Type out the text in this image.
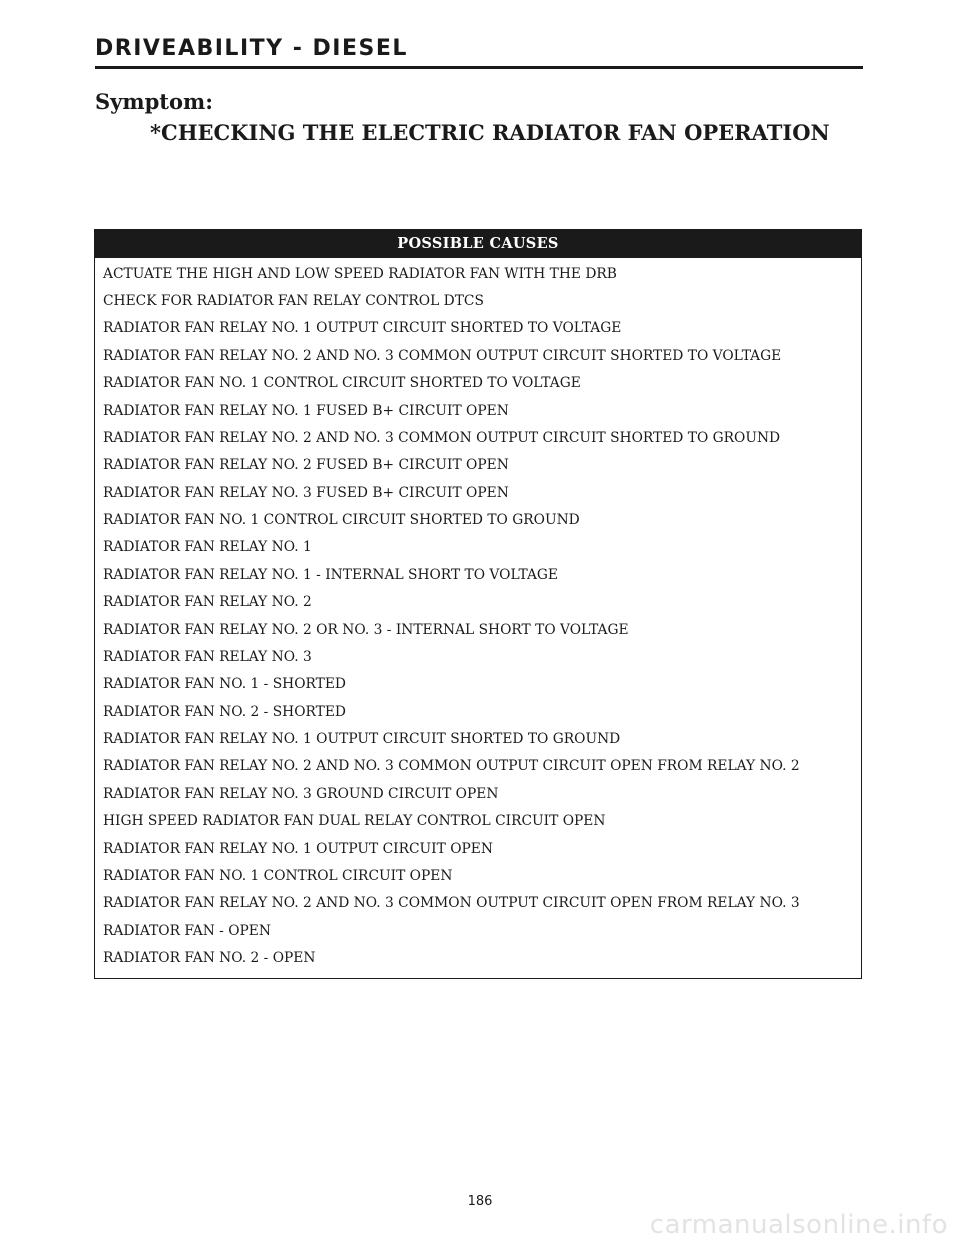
DRIVEABILITY - DIESEL
Symptom:
*CHECKING THE ELECTRIC RADIATOR FAN OPERATION
POSSIBLE CAUSES
ACTUATE THE HIGH AND LOW SPEED RADIATOR FAN WITH THE DRB
CHECK FOR RADIATOR FAN RELAY CONTROL DTCS
RADIATOR FAN RELAY NO. 1 OUTPUT CIRCUIT SHORTED TO VOLTAGE
RADIATOR FAN RELAY NO. 2 AND NO. 3 COMMON OUTPUT CIRCUIT SHORTED TO VOLTAGE
RADIATOR FAN NO. 1 CONTROL CIRCUIT SHORTED TO VOLTAGE
RADIATOR FAN RELAY NO. 1 FUSED B+ CIRCUIT OPEN
RADIATOR FAN RELAY NO. 2 AND NO. 3 COMMON OUTPUT CIRCUIT SHORTED TO GROUND
RADIATOR FAN RELAY NO. 2 FUSED B+ CIRCUIT OPEN
RADIATOR FAN RELAY NO. 3 FUSED B+ CIRCUIT OPEN
RADIATOR FAN NO. 1 CONTROL CIRCUIT SHORTED TO GROUND
RADIATOR FAN RELAY NO. 1
RADIATOR FAN RELAY NO. 1 - INTERNAL SHORT TO VOLTAGE
RADIATOR FAN RELAY NO. 2
RADIATOR FAN RELAY NO. 2 OR NO. 3 - INTERNAL SHORT TO VOLTAGE
RADIATOR FAN RELAY NO. 3
RADIATOR FAN NO. 1 - SHORTED
RADIATOR FAN NO. 2 - SHORTED
RADIATOR FAN RELAY NO. 1 OUTPUT CIRCUIT SHORTED TO GROUND
RADIATOR FAN RELAY NO. 2 AND NO. 3 COMMON OUTPUT CIRCUIT OPEN FROM RELAY NO. 2
RADIATOR FAN RELAY NO. 3 GROUND CIRCUIT OPEN
HIGH SPEED RADIATOR FAN DUAL RELAY CONTROL CIRCUIT OPEN
RADIATOR FAN RELAY NO. 1 OUTPUT CIRCUIT OPEN
RADIATOR FAN NO. 1 CONTROL CIRCUIT OPEN
RADIATOR FAN RELAY NO. 2 AND NO. 3 COMMON OUTPUT CIRCUIT OPEN FROM RELAY NO. 3
RADIATOR FAN - OPEN
RADIATOR FAN NO. 2 - OPEN
186
carmanualsonline.info
